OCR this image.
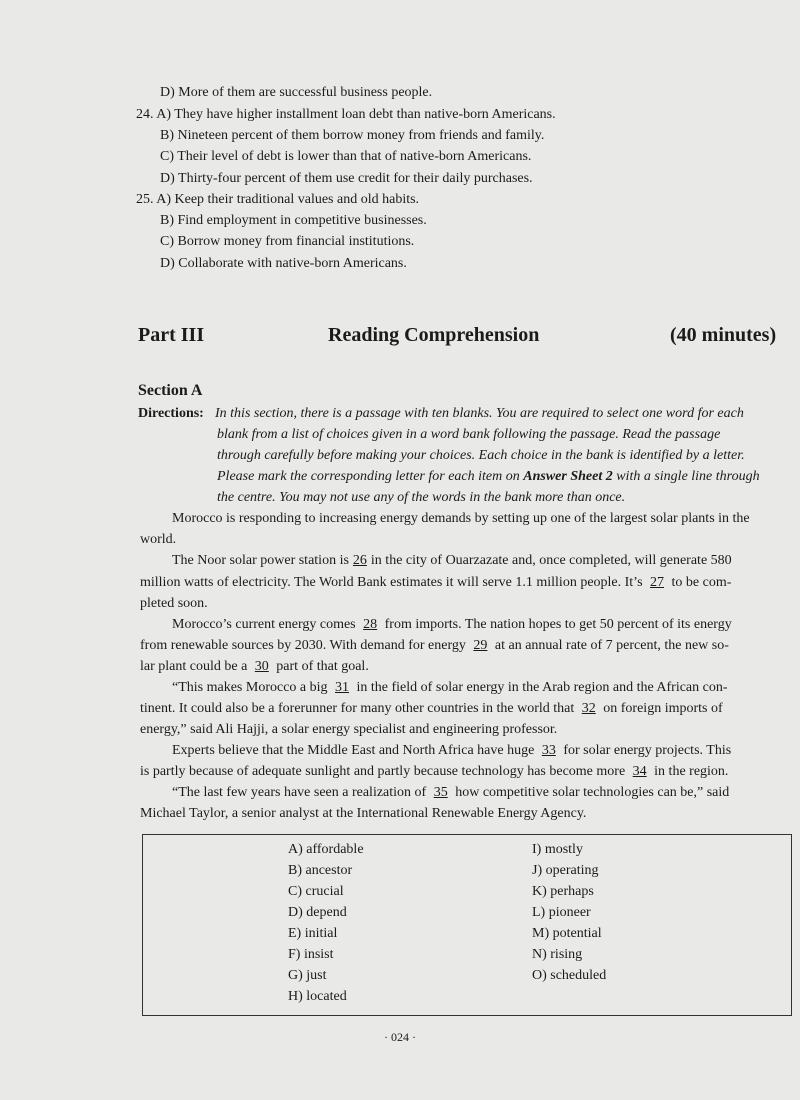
D) More of them are successful business people.
24. A) They have higher installment loan debt than native-born Americans.
B) Nineteen percent of them borrow money from friends and family.
C) Their level of debt is lower than that of native-born Americans.
D) Thirty-four percent of them use credit for their daily purchases.
25. A) Keep their traditional values and old habits.
B) Find employment in competitive businesses.
C) Borrow money from financial institutions.
D) Collaborate with native-born Americans.
Part III	Reading Comprehension	(40 minutes)
Section A
Directions: In this section, there is a passage with ten blanks. You are required to select one word for each
blank from a list of choices given in a word bank following the passage. Read the passage
through carefully before making your choices. Each choice in the bank is identified by a letter.
Please mark the corresponding letter for each item on Answer Sheet 2 with a single line through
the centre. You may not use any of the words in the bank more than once.
Morocco is responding to increasing energy demands by setting up one of the largest solar plants in the
world.
The Noor solar power station is 26 in the city of Ouarzazate and, once completed, will generate 580
million watts of electricity. The World Bank estimates it will serve 1.1 million people. It’s 27 to be com-
pleted soon.
Morocco’s current energy comes 28 from imports. The nation hopes to get 50 percent of its energy
from renewable sources by 2030. With demand for energy 29 at an annual rate of 7 percent, the new so-
lar plant could be a 30 part of that goal.
“This makes Morocco a big 31 in the field of solar energy in the Arab region and the African con-
tinent. It could also be a forerunner for many other countries in the world that 32 on foreign imports of
energy,” said Ali Hajji, a solar energy specialist and engineering professor.
Experts believe that the Middle East and North Africa have huge 33 for solar energy projects. This
is partly because of adequate sunlight and partly because technology has become more 34 in the region.
“The last few years have seen a realization of 35 how competitive solar technologies can be,” said
Michael Taylor, a senior analyst at the International Renewable Energy Agency.
A) affordable
B) ancestor
C) crucial
D) depend
E) initial
F) insist
G) just
H) located
I) mostly
J) operating
K) perhaps
L) pioneer
M) potential
N) rising
O) scheduled
· 024 ·
